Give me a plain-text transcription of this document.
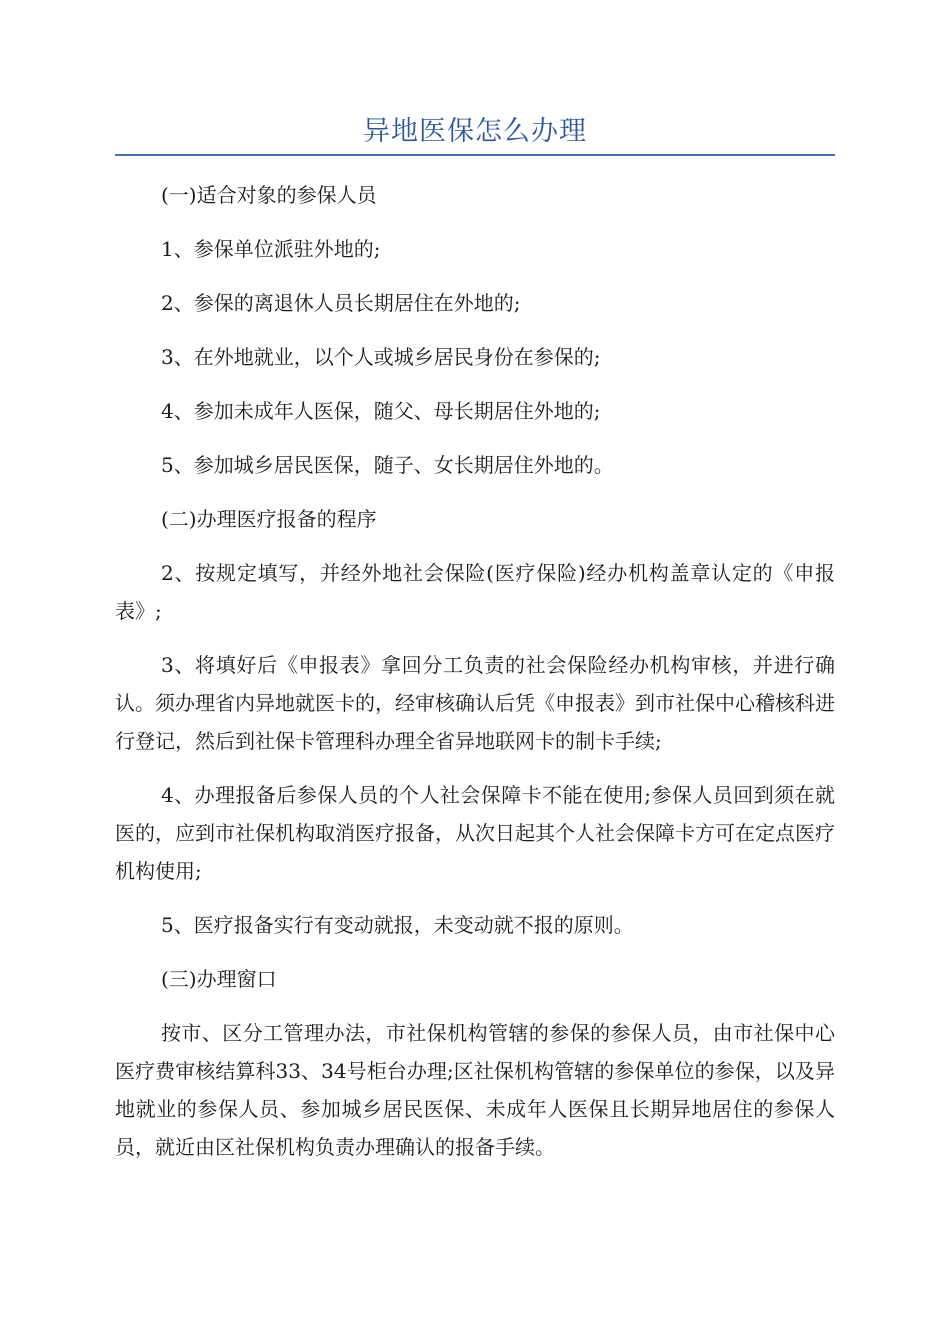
异地医保怎么办理

(一)适合对象的参保人员

1、参保单位派驻外地的;

2、参保的离退休人员长期居住在外地的;

3、在外地就业，以个人或城乡居民身份在参保的;

4、参加未成年人医保，随父、母长期居住外地的;

5、参加城乡居民医保，随子、女长期居住外地的。

(二)办理医疗报备的程序

2、按规定填写，并经外地社会保险(医疗保险)经办机构盖章认定的《申报表》;

3、将填好后《申报表》拿回分工负责的社会保险经办机构审核，并进行确认。须办理省内异地就医卡的，经审核确认后凭《申报表》到市社保中心稽核科进行登记，然后到社保卡管理科办理全省异地联网卡的制卡手续;

4、办理报备后参保人员的个人社会保障卡不能在使用;参保人员回到须在就医的，应到市社保机构取消医疗报备，从次日起其个人社会保障卡方可在定点医疗机构使用;

5、医疗报备实行有变动就报，未变动就不报的原则。

(三)办理窗口

按市、区分工管理办法，市社保机构管辖的参保的参保人员，由市社保中心医疗费审核结算科33、34号柜台办理;区社保机构管辖的参保单位的参保，以及异地就业的参保人员、参加城乡居民医保、未成年人医保且长期异地居住的参保人员，就近由区社保机构负责办理确认的报备手续。
